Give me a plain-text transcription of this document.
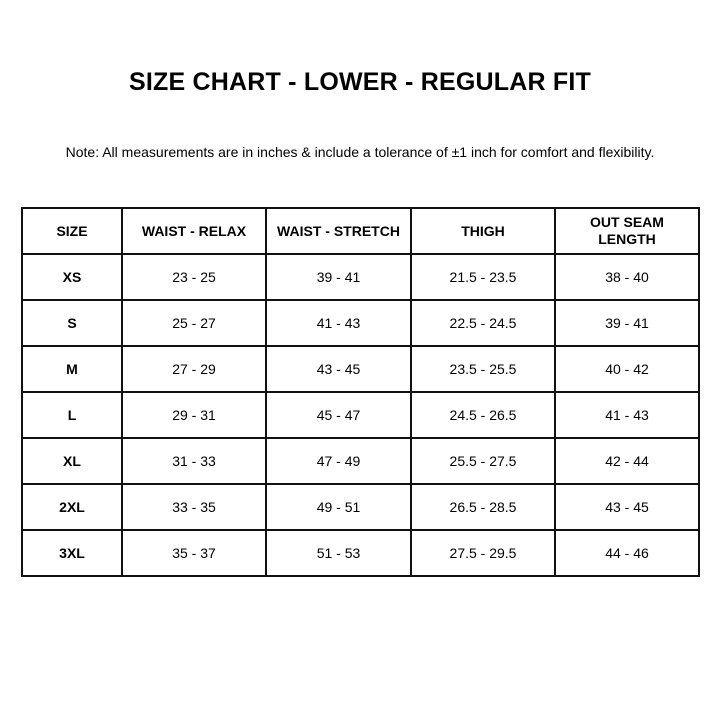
SIZE CHART - LOWER - REGULAR FIT
Note: All measurements are in inches & include a tolerance of ±1 inch for comfort and flexibility.
SIZE	WAIST - RELAX	WAIST - STRETCH	THIGH	OUT SEAM LENGTH
XS	23 - 25	39 - 41	21.5 - 23.5	38 - 40
S	25 - 27	41 - 43	22.5 - 24.5	39 - 41
M	27 - 29	43 - 45	23.5 - 25.5	40 - 42
L	29 - 31	45 - 47	24.5 - 26.5	41 - 43
XL	31 - 33	47 - 49	25.5 - 27.5	42 - 44
2XL	33 - 35	49 - 51	26.5 - 28.5	43 - 45
3XL	35 - 37	51 - 53	27.5 - 29.5	44 - 46
